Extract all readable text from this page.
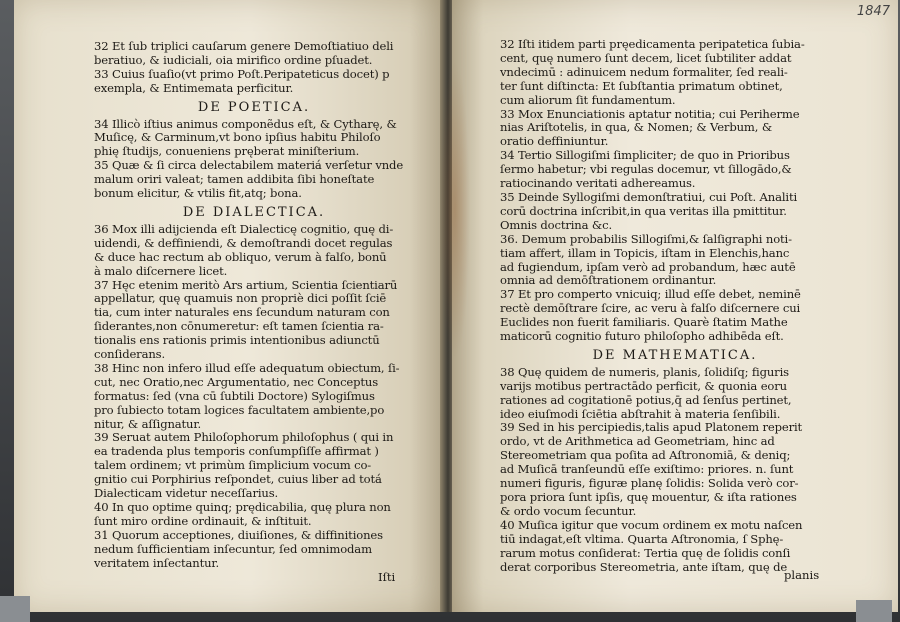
32 Et ſub triplici cauſarum genere Demoſtiatiuo deli
beratiuo, & iudiciali, oia mirifico ordine pſuadet.
33 Cuius ſuaſio(vt primo Poſt.Peripateticus docet) p
exempla, & Entimemata perficitur.
DE POETICA.
34 Illicò iſtius animus componẽdus eſt, & Cytharę, &
Muſicę, & Carminum,vt bono ipſius habitu Philoſo
phię ſtudijs, conueniens pręberat miniſterium.
35 Quæ & ſi circa delectabilem materiá verſetur vnde
malum oriri valeat; tamen addibita ſibi honeſtate
bonum elicitur, & vtilis fit,atq; bona.
DE DIALECTICA.
36 Mox illi adijcienda eſt Dialecticę cognitio, quę di-
uidendi, & deffiniendi, & demoſtrandi docet regulas
& duce hac rectum ab obliquo, verum à falſo, bonū
à malo diſcernere licet.
37 Hęc etenim meritò Ars artium, Scientia ſcientiarū
appellatur, quę quamuis non propriè dici poſſit ſciē
tia, cum inter naturales ens ſecundum naturam con
ſiderantes,non cōnumeretur: eſt tamen ſcientia ra-
tionalis ens rationis primis intentionibus adiunctū
conſiderans.
38 Hinc non infero illud eſſe adequatum obiectum, ſi-
cut, nec Oratio,nec Argumentatio, nec Conceptus
formatus: ſed (vna cū ſubtili Doctore) Sylogiſmus
pro ſubiecto totam logices facultatem ambiente,po
nitur, & aſſignatur.
39 Seruat autem Philoſophorum philoſophus ( qui in
ea tradenda plus temporis conſumpſiſſe affirmat )
talem ordinem; vt primùm ſimplicium vocum co-
gnitio cui Porphirius reſpondet, cuius liber ad totá
Dialecticam videtur neceſſarius.
40 In quo optime quinq; prędicabilia, quę plura non
ſunt miro ordine ordinauit, & inſtituit.
31 Quorum acceptiones, diuiſiones, & diffinitiones
nedum ſufficientiam inſecuntur, ſed omnimodam
veritatem inſectantur.
Iſti
1847
32 Iſti itidem parti pręedicamenta peripatetica ſubia-
cent, quę numero ſunt decem, licet ſubtiliter addat
vndecimū : adinuicem nedum formaliter, ſed reali-
ter ſunt diſtincta: Et ſubſtantia primatum obtinet,
cum aliorum ſit fundamentum.
33 Mox Enunciationis aptatur notitia; cui Periherme
nias Ariſtotelis, in qua, & Nomen; & Verbum, &
oratio deffiniuntur.
34 Tertio Sillogiſmi ſimpliciter; de quo in Prioribus
ſermo habetur; vbi regulas docemur, vt ſillogādo,&
ratiocinando veritati adhereamus.
35 Deinde Syllogiſmi demonſtratiui, cui Poſt. Analiti
corū doctrina inſcribit,in qua veritas illa pmittitur.
Omnis doctrina &c.
36. Demum probabilis Sillogiſmi,& ſalſigraphi noti-
tiam affert, illam in Topicis, iſtam in Elenchis,hanc
ad fugiendum, ipſam verò ad probandum, hæc autē
omnia ad demōſtrationem ordinantur.
37 Et pro comperto vnicuiq; illud eſſe debet, neminē
rectè demōſtrare ſcire, ac veru à falſo diſcernere cui
Euclides non fuerit familiaris. Quarè ſtatim Mathe
maticorū cognitio futuro philoſopho adhibēda eſt.
DE MATHEMATICA.
38 Quę quidem de numeris, planis, ſolidiſq; figuris
varijs motibus pertractādo perficit, & quonia eoru
rationes ad cogitationē potius,q̄ ad ſenſus pertinet,
ideo eiuſmodi ſciētia abſtrahit à materia ſenſibili.
39 Sed in his percipiedis,talis apud Platonem reperit
ordo, vt de Arithmetica ad Geometriam, hinc ad
Stereometriam qua poſita ad Aſtronomiā, & deniq;
ad Muſicā tranſeundū eſſe exiſtimo: priores. n. ſunt
numeri figuris, figuræ planę ſolidis: Solida verò cor-
pora priora ſunt ipſis, quę mouentur, & iſta rationes
& ordo vocum ſecuntur.
40 Muſica igitur que vocum ordinem ex motu naſcen
tiū indagat,eſt vltima. Quarta Aſtronomia, ſ Sphę-
rarum motus conſiderat: Tertia quę de ſolidis conſi
derat corporibus Stereometria, ante iſtam, quę de
planis
